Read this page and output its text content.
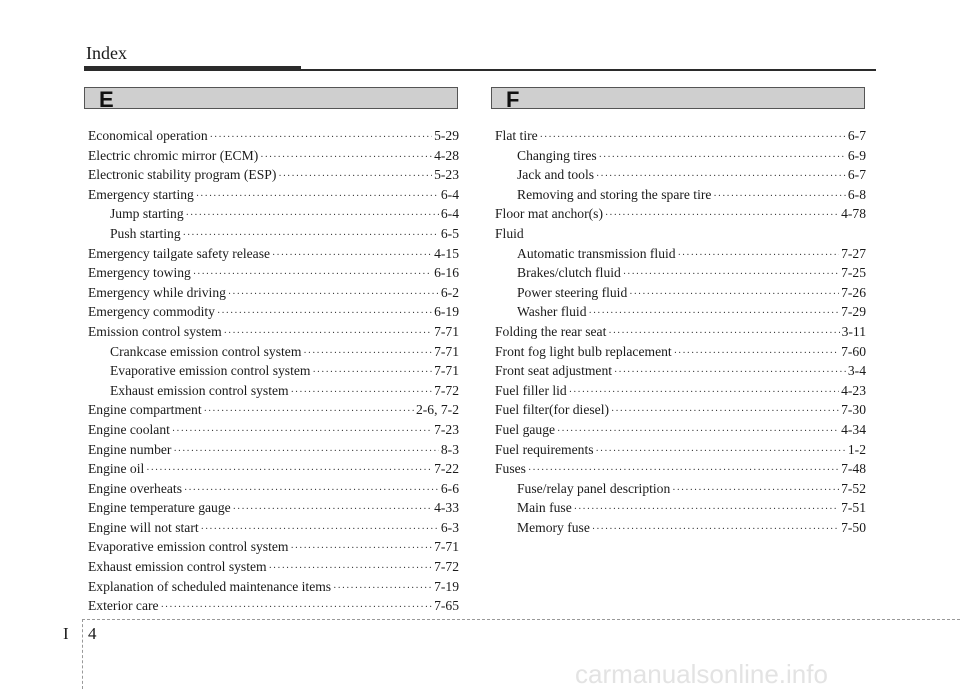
Index
E	F
Economical operation ·····	5-29
Electric chromic mirror (ECM) ·····	4-28
Electronic stability program (ESP) ·····	5-23
Emergency starting ·····	6-4
Jump starting ·····	6-4
Push starting ·····	6-5
Emergency tailgate safety release ·····	4-15
Emergency towing ·····	6-16
Emergency while driving ·····	6-2
Emergency commodity ·····	6-19
Emission control system ·····	7-71
Crankcase emission control system ·····	7-71
Evaporative emission control system ·····	7-71
Exhaust emission control system ·····	7-72
Engine compartment ·····	2-6, 7-2
Engine coolant ·····	7-23
Engine number ·····	8-3
Engine oil ·····	7-22
Engine overheats ·····	6-6
Engine temperature gauge ·····	4-33
Engine will not start ·····	6-3
Evaporative emission control system ·····	7-71
Exhaust emission control system ·····	7-72
Explanation of scheduled maintenance items ·····	7-19
Exterior care ·····	7-65
Flat tire ·····	6-7
Changing tires ·····	6-9
Jack and tools ·····	6-7
Removing and storing the spare tire ·····	6-8
Floor mat anchor(s) ·····	4-78
Fluid
Automatic transmission fluid ·····	7-27
Brakes/clutch fluid ·····	7-25
Power steering fluid ·····	7-26
Washer fluid ·····	7-29
Folding the rear seat ·····	3-11
Front fog light bulb replacement ·····	7-60
Front seat adjustment ·····	3-4
Fuel filler lid ·····	4-23
Fuel filter(for diesel) ·····	7-30
Fuel gauge ·····	4-34
Fuel requirements ·····	1-2
Fuses ·····	7-48
Fuse/relay panel description ·····	7-52
Main fuse ·····	7-51
Memory fuse ·····	7-50
I 4
carmanualsonline.info
